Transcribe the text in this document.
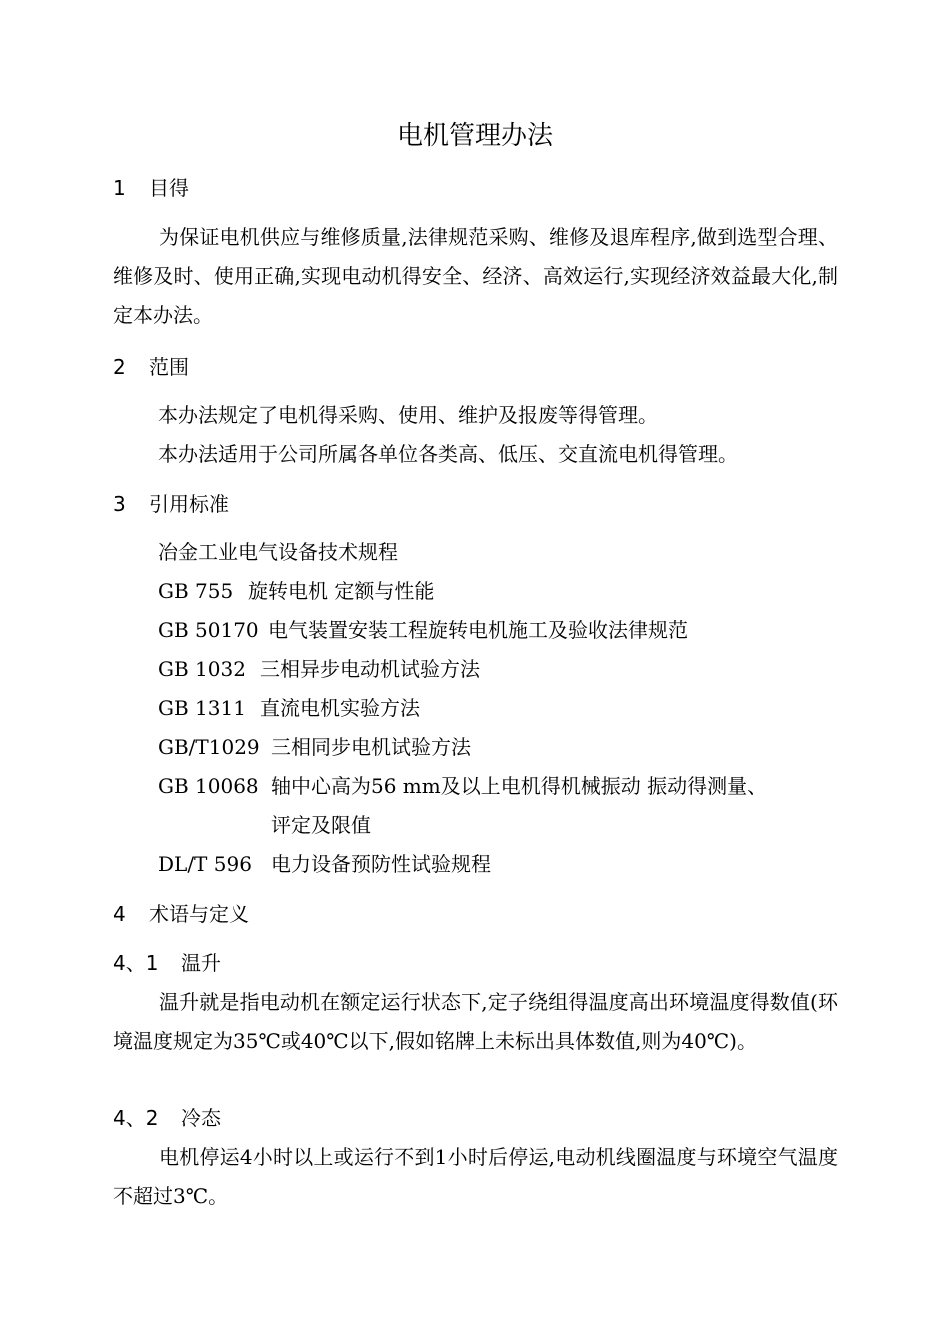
电机管理办法
1 目得

为保证电机供应与维修质量,法律规范采购、维修及退库程序,做到选型合理、维修及时、使用正确,实现电动机得安全、经济、高效运行,实现经济效益最大化,制定本办法。

2 范围
本办法规定了电机得采购、使用、维护及报废等得管理。
本办法适用于公司所属各单位各类高、低压、交直流电机得管理。
3 引用标准
冶金工业电气设备技术规程
GB 755 旋转电机 定额与性能
GB 50170 电气装置安装工程旋转电机施工及验收法律规范
GB 1032 三相异步电动机试验方法
GB 1311 直流电机实验方法
GB/T1029 三相同步电机试验方法
GB 10068 轴中心高为56 mm及以上电机得机械振动 振动得测量、
评定及限值
DL/T 596 电力设备预防性试验规程
4 术语与定义
4、1 温升

温升就是指电动机在额定运行状态下,定子绕组得温度高出环境温度得数值(环境温度规定为35℃或40℃以下,假如铭牌上未标出具体数值,则为40℃)。

4、2 冷态

电机停运4小时以上或运行不到1小时后停运,电动机线圈温度与环境空气温度不超过3℃。
